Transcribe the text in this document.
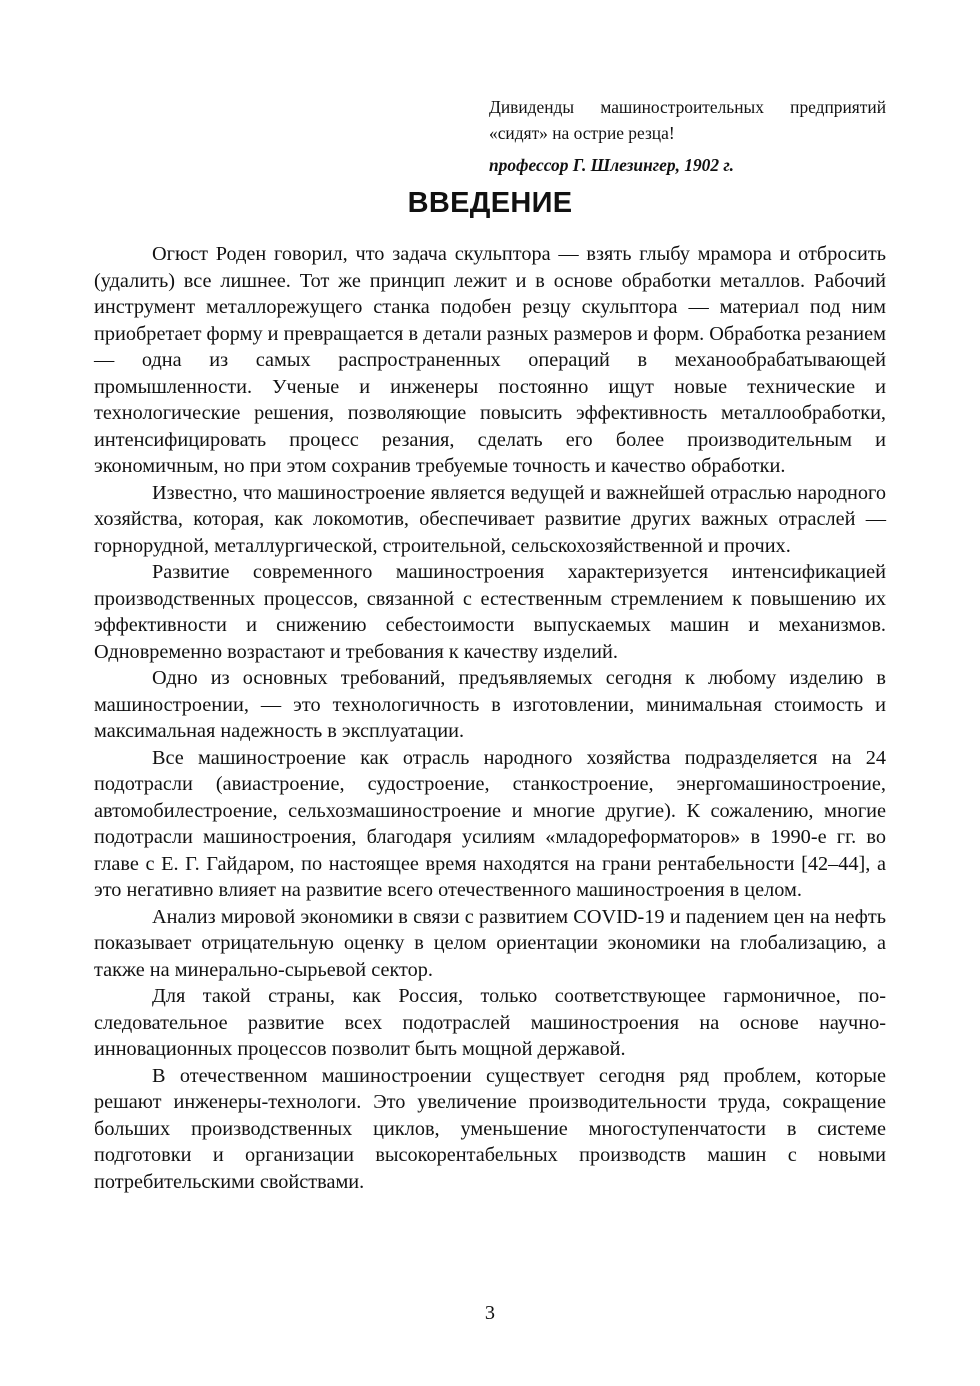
Дивиденды машиностроительных предприятий «сидят» на острие резца!
профессор Г. Шлезингер, 1902 г.
ВВЕДЕНИЕ

Огюст Роден говорил, что задача скульптора — взять глыбу мрамора и отбросить (удалить) все лишнее. Тот же принцип лежит и в основе обработки металлов. Рабочий инструмент металлорежущего станка подобен резцу скульптора — материал под ним приобретает форму и превращается в детали разных размеров и форм. Обработка резанием — одна из самых распространенных операций в механообрабатывающей промышленности. Ученые и инженеры постоянно ищут новые технические и технологические решения, позволяющие повысить эффективность металлообработки, интенсифицировать процесс резания, сделать его более производительным и экономичным, но при этом сохранив требуемые точность и качество обработки.

Известно, что машиностроение является ведущей и важнейшей отраслью народного хозяйства, которая, как локомотив, обеспечивает развитие других важных отраслей — горнорудной, металлургической, строительной, сельскохозяйственной и прочих.

Развитие современного машиностроения характеризуется интенсификацией производственных процессов, связанной с естественным стремлением к повышению их эффективности и снижению себестоимости выпускаемых машин и механизмов. Одновременно возрастают и требования к качеству изделий.

Одно из основных требований, предъявляемых сегодня к любому изделию в машиностроении, — это технологичность в изготовлении, минимальная стоимость и максимальная надежность в эксплуатации.

Все машиностроение как отрасль народного хозяйства подразделяется на 24 подотрасли (авиастроение, судостроение, станкостроение, энергомашиностроение, автомобилестроение, сельхозмашиностроение и многие другие). К сожалению, многие подотрасли машиностроения, благодаря усилиям «младореформаторов» в 1990-е гг. во главе с Е. Г. Гайдаром, по настоящее время находятся на грани рентабельности [42–44], а это негативно влияет на развитие всего отечественного машиностроения в целом.

Анализ мировой экономики в связи с развитием COVID-19 и падением цен на нефть показывает отрицательную оценку в целом ориентации экономики на глобализацию, а также на минерально-сырьевой сектор.

Для такой страны, как Россия, только соответствующее гармоничное, последовательное развитие всех подотраслей машиностроения на основе научно-инновационных процессов позволит быть мощной державой.

В отечественном машиностроении существует сегодня ряд проблем, которые решают инженеры-технологи. Это увеличение производительности труда, сокращение больших производственных циклов, уменьшение многоступенчатости в системе подготовки и организации высокорентабельных производств машин с новыми потребительскими свойствами.

3
